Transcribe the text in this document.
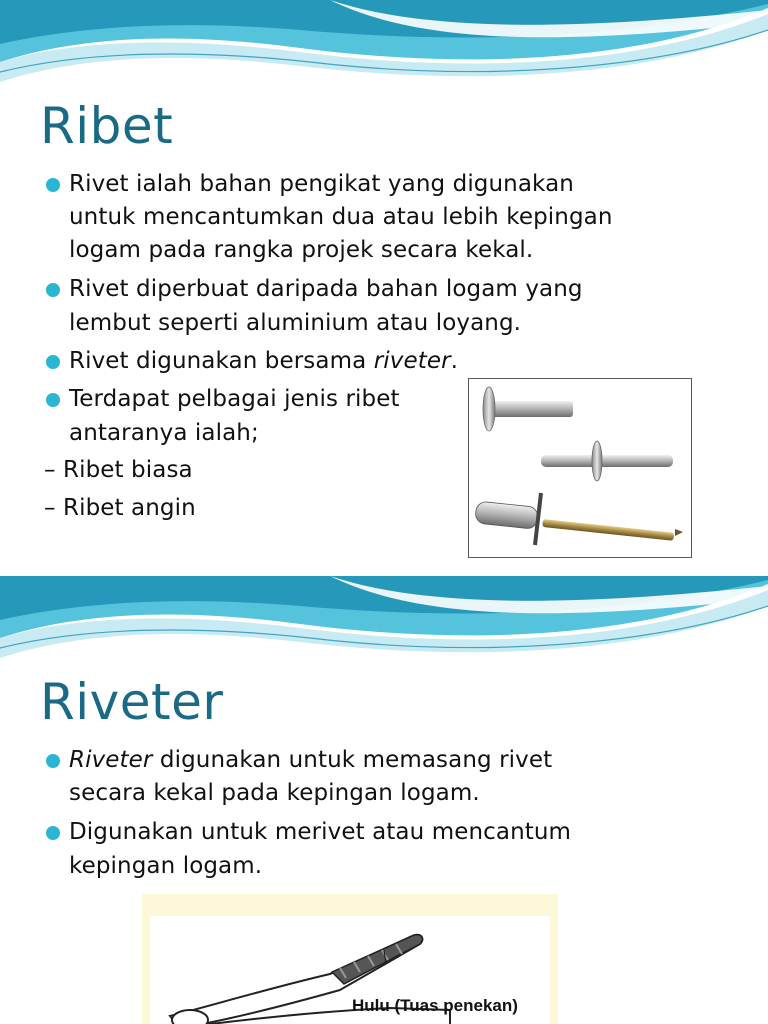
Ribet
Rivet ialah bahan pengikat yang digunakan
untuk mencantumkan dua atau lebih kepingan
logam pada rangka projek secara kekal.
Rivet diperbuat daripada bahan logam yang
lembut seperti aluminium atau loyang.
Rivet digunakan bersama riveter.
Terdapat pelbagai jenis ribet
antaranya ialah;
– Ribet biasa
– Ribet angin
Riveter
Riveter digunakan untuk memasang rivet
secara kekal pada kepingan logam.
Digunakan untuk merivet atau mencantum
kepingan logam.
Hulu (Tuas penekan)
